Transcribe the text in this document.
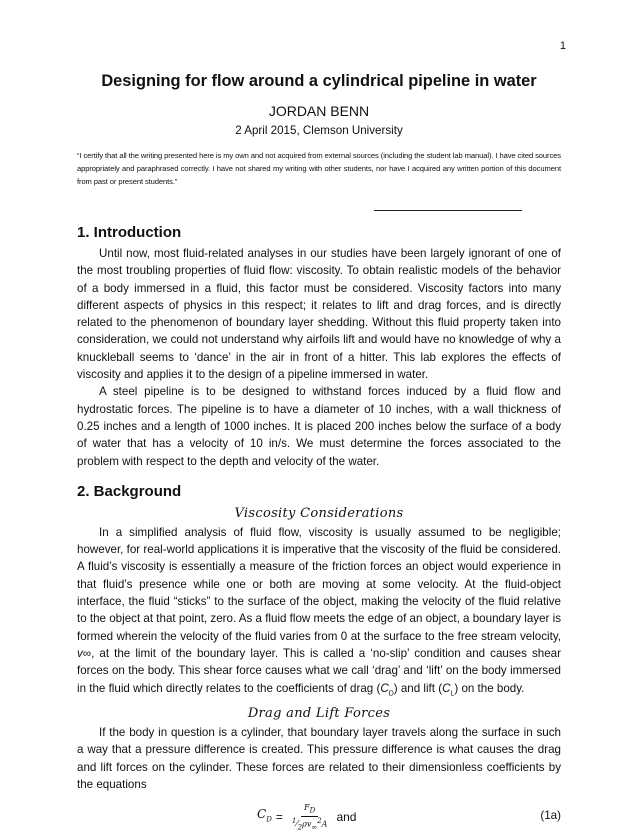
1
Designing for flow around a cylindrical pipeline in water
JORDAN BENN
2 April 2015, Clemson University
“I certify that all the writing presented here is my own and not acquired from external sources (including the student lab manual). I have cited sources appropriately and paraphrased correctly. I have not shared my writing with other students, nor have I acquired any written portion of this document from past or present students.”
1. Introduction

Until now, most fluid-related analyses in our studies have been largely ignorant of one of the most troubling properties of fluid flow: viscosity. To obtain realistic models of the behavior of a body immersed in a fluid, this factor must be considered. Viscosity factors into many different aspects of physics in this respect; it relates to lift and drag forces, and is directly related to the phenomenon of boundary layer shedding. Without this fluid property taken into consideration, we could not understand why airfoils lift and would have no knowledge of why a knuckleball seems to ‘dance’ in the air in front of a hitter. This lab explores the effects of viscosity and applies it to the design of a pipeline immersed in water.

A steel pipeline is to be designed to withstand forces induced by a fluid flow and hydrostatic forces. The pipeline is to have a diameter of 10 inches, with a wall thickness of 0.25 inches and a length of 1000 inches. It is placed 200 inches below the surface of a body of water that has a velocity of 10 in/s. We must determine the forces associated to the problem with respect to the depth and velocity of the water.

2. Background
Viscosity Considerations

In a simplified analysis of fluid flow, viscosity is usually assumed to be negligible; however, for real-world applications it is imperative that the viscosity of the fluid be considered. A fluid’s viscosity is essentially a measure of the friction forces an object would experience in that fluid’s presence while one or both are moving at some velocity. At the fluid-object interface, the fluid “sticks” to the surface of the object, making the velocity of the fluid relative to the object at that point, zero. As a fluid flow meets the edge of an object, a boundary layer is formed wherein the velocity of the fluid varies from 0 at the surface to the free stream velocity, v∞, at the limit of the boundary layer. This is called a ‘no-slip’ condition and causes shear forces on the body. This shear force causes what we call ‘drag’ and ‘lift’ on the body immersed in the fluid which directly relates to the coefficients of drag $(C_D)$ and lift $(C_L)$ on the body.

Drag and Lift Forces

If the body in question is a cylinder, that boundary layer travels along the surface in such a way that a pressure difference is created. This pressure difference is what causes the drag and lift forces on the cylinder. These forces are related to their dimensionless coefficients by the equations

$C_D = \frac{F_D}{^1⁄_2\rho v_\infty^2A}$ and	(1a)
